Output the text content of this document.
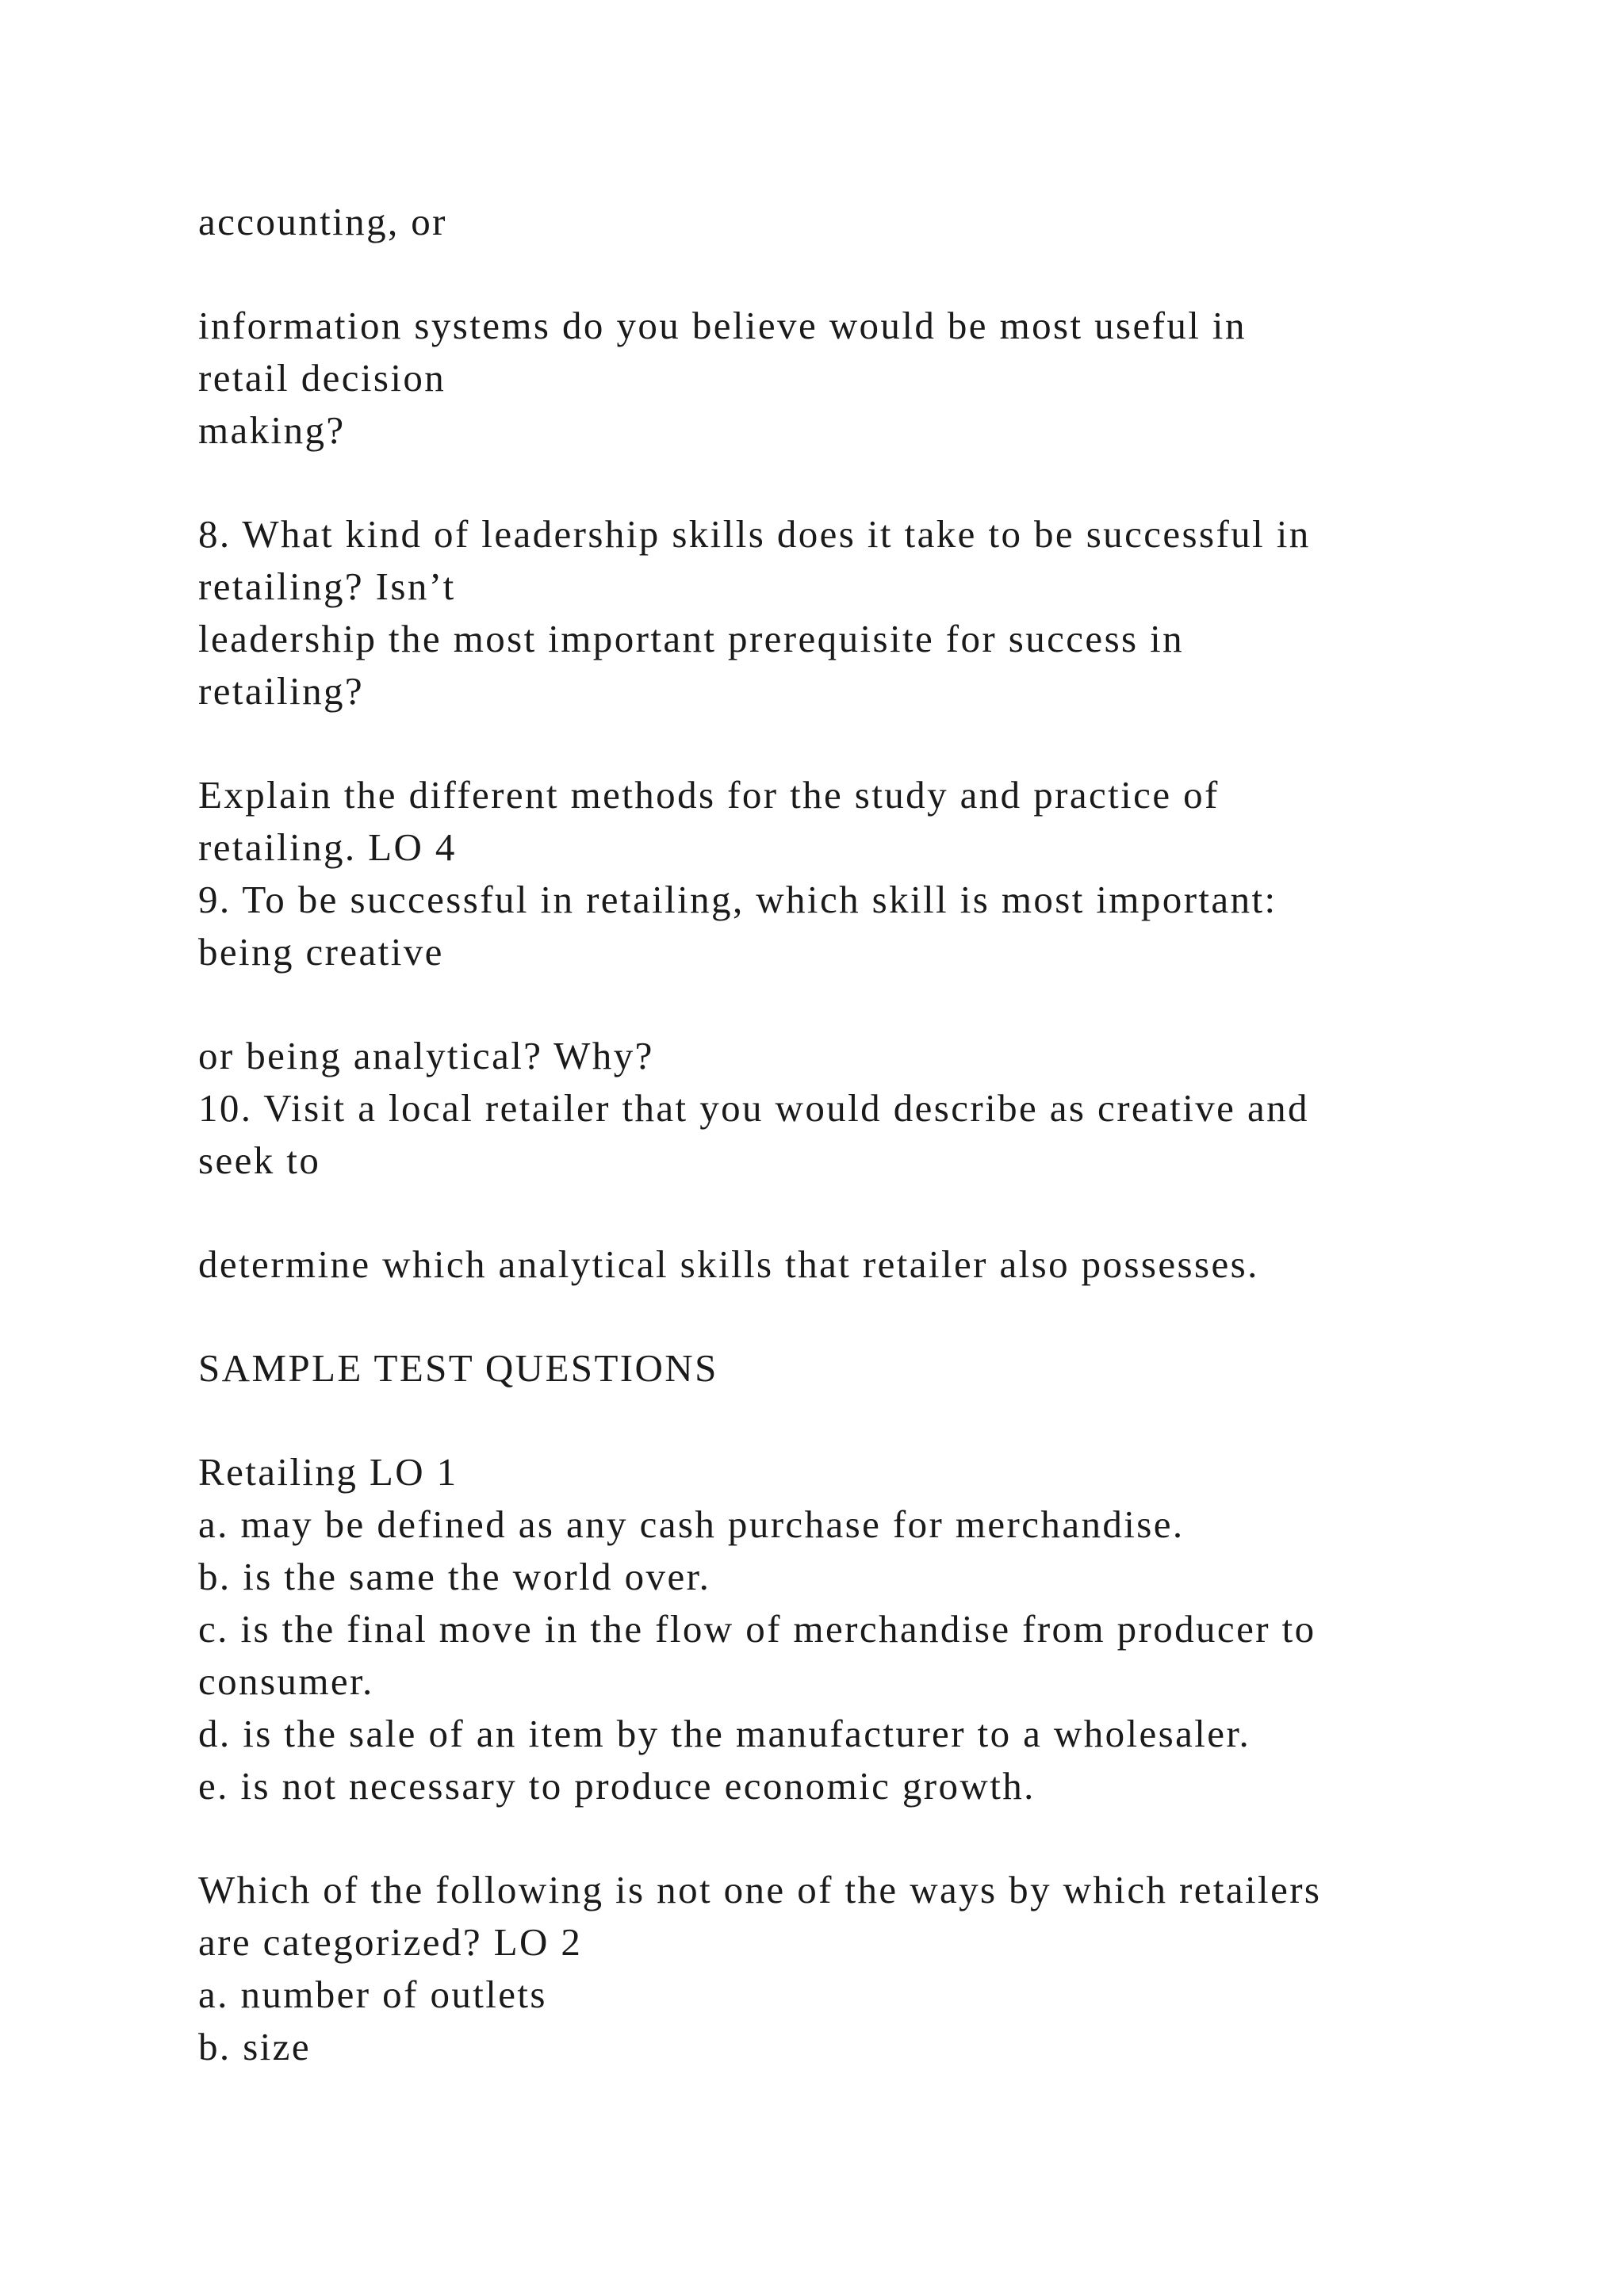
accounting, or

information systems do you believe would be most useful in

retail decision

making?

8. What kind of leadership skills does it take to be successful in

retailing? Isn’t

leadership the most important prerequisite for success in

retailing?

Explain the different methods for the study and practice of

retailing. LO 4

9. To be successful in retailing, which skill is most important:

being creative

or being analytical? Why?

10. Visit a local retailer that you would describe as creative and

seek to

determine which analytical skills that retailer also possesses.

SAMPLE TEST QUESTIONS

Retailing LO 1

a. may be defined as any cash purchase for merchandise.

b. is the same the world over.

c. is the final move in the flow of merchandise from producer to

consumer.

d. is the sale of an item by the manufacturer to a wholesaler.

e. is not necessary to produce economic growth.

Which of the following is not one of the ways by which retailers

are categorized? LO 2

a. number of outlets

b. size
